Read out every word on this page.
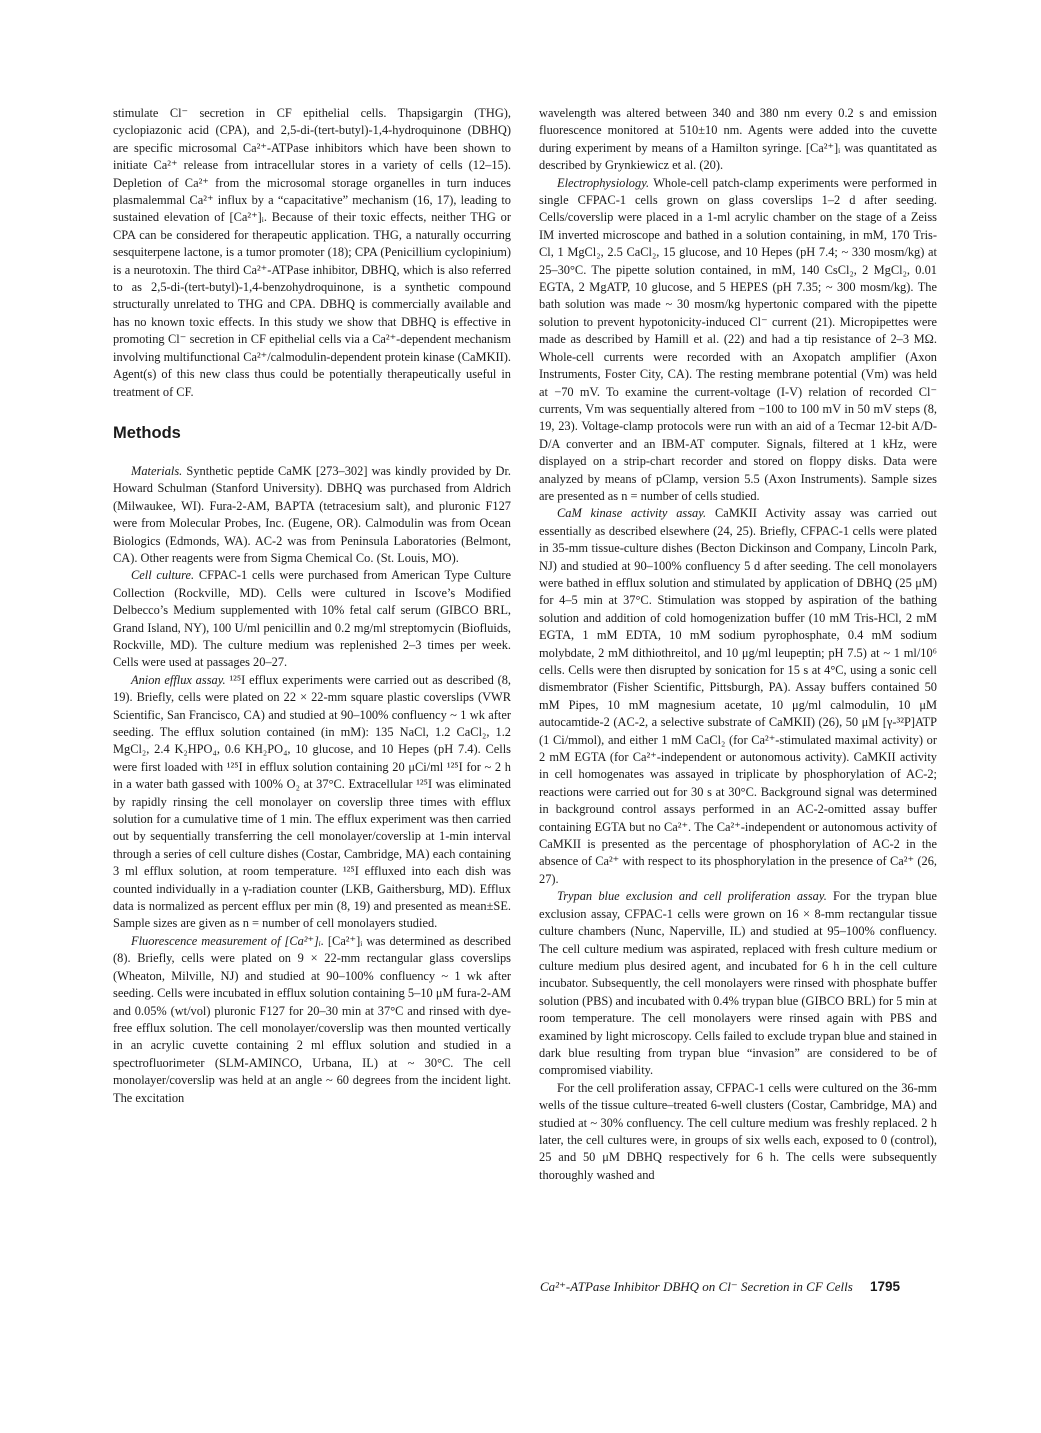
stimulate Cl⁻ secretion in CF epithelial cells. Thapsigargin (THG), cyclopiazonic acid (CPA), and 2,5-di-(tert-butyl)-1,4-hydroquinone (DBHQ) are specific microsomal Ca²⁺-ATPase inhibitors which have been shown to initiate Ca²⁺ release from intracellular stores in a variety of cells (12–15). Depletion of Ca²⁺ from the microsomal storage organelles in turn induces plasmalemmal Ca²⁺ influx by a “capacitative” mechanism (16, 17), leading to sustained elevation of [Ca²⁺]ᵢ. Because of their toxic effects, neither THG or CPA can be considered for therapeutic application. THG, a naturally occurring sesquiterpene lactone, is a tumor promoter (18); CPA (Penicillium cyclopinium) is a neurotoxin. The third Ca²⁺-ATPase inhibitor, DBHQ, which is also referred to as 2,5-di-(tert-butyl)-1,4-benzohydroquinone, is a synthetic compound structurally unrelated to THG and CPA. DBHQ is commercially available and has no known toxic effects. In this study we show that DBHQ is effective in promoting Cl⁻ secretion in CF epithelial cells via a Ca²⁺-dependent mechanism involving multifunctional Ca²⁺/calmodulin-dependent protein kinase (CaMKII). Agent(s) of this new class thus could be potentially therapeutically useful in treatment of CF.

Methods

Materials. Synthetic peptide CaMK [273–302] was kindly provided by Dr. Howard Schulman (Stanford University). DBHQ was purchased from Aldrich (Milwaukee, WI). Fura-2-AM, BAPTA (tetracesium salt), and pluronic F127 were from Molecular Probes, Inc. (Eugene, OR). Calmodulin was from Ocean Biologics (Edmonds, WA). AC-2 was from Peninsula Laboratories (Belmont, CA). Other reagents were from Sigma Chemical Co. (St. Louis, MO).

Cell culture. CFPAC-1 cells were purchased from American Type Culture Collection (Rockville, MD). Cells were cultured in Iscove’s Modified Delbecco’s Medium supplemented with 10% fetal calf serum (GIBCO BRL, Grand Island, NY), 100 U/ml penicillin and 0.2 mg/ml streptomycin (Biofluids, Rockville, MD). The culture medium was replenished 2–3 times per week. Cells were used at passages 20–27.

Anion efflux assay. ¹²⁵I efflux experiments were carried out as described (8, 19). Briefly, cells were plated on 22 × 22-mm square plastic coverslips (VWR Scientific, San Francisco, CA) and studied at 90–100% confluency ~ 1 wk after seeding. The efflux solution contained (in mM): 135 NaCl, 1.2 CaCl₂, 1.2 MgCl₂, 2.4 K₂HPO₄, 0.6 KH₂PO₄, 10 glucose, and 10 Hepes (pH 7.4). Cells were first loaded with ¹²⁵I in efflux solution containing 20 μCi/ml ¹²⁵I for ~ 2 h in a water bath gassed with 100% O₂ at 37°C. Extracellular ¹²⁵I was eliminated by rapidly rinsing the cell monolayer on coverslip three times with efflux solution for a cumulative time of 1 min. The efflux experiment was then carried out by sequentially transferring the cell monolayer/coverslip at 1-min interval through a series of cell culture dishes (Costar, Cambridge, MA) each containing 3 ml efflux solution, at room temperature. ¹²⁵I effluxed into each dish was counted individually in a γ-radiation counter (LKB, Gaithersburg, MD). Efflux data is normalized as percent efflux per min (8, 19) and presented as mean±SE. Sample sizes are given as n = number of cell monolayers studied.

Fluorescence measurement of [Ca²⁺]ᵢ. [Ca²⁺]ᵢ was determined as described (8). Briefly, cells were plated on 9 × 22-mm rectangular glass coverslips (Wheaton, Milville, NJ) and studied at 90–100% confluency ~ 1 wk after seeding. Cells were incubated in efflux solution containing 5–10 μM fura-2-AM and 0.05% (wt/vol) pluronic F127 for 20–30 min at 37°C and rinsed with dye-free efflux solution. The cell monolayer/coverslip was then mounted vertically in an acrylic cuvette containing 2 ml efflux solution and studied in a spectrofluorimeter (SLM-AMINCO, Urbana, IL) at ~ 30°C. The cell monolayer/coverslip was held at an angle ~ 60 degrees from the incident light. The excitation

wavelength was altered between 340 and 380 nm every 0.2 s and emission fluorescence monitored at 510±10 nm. Agents were added into the cuvette during experiment by means of a Hamilton syringe. [Ca²⁺]ᵢ was quantitated as described by Grynkiewicz et al. (20).

Electrophysiology. Whole-cell patch-clamp experiments were performed in single CFPAC-1 cells grown on glass coverslips 1–2 d after seeding. Cells/coverslip were placed in a 1-ml acrylic chamber on the stage of a Zeiss IM inverted microscope and bathed in a solution containing, in mM, 170 Tris-Cl, 1 MgCl₂, 2.5 CaCl₂, 15 glucose, and 10 Hepes (pH 7.4; ~ 330 mosm/kg) at 25–30°C. The pipette solution contained, in mM, 140 CsCl₂, 2 MgCl₂, 0.01 EGTA, 2 MgATP, 10 glucose, and 5 HEPES (pH 7.35; ~ 300 mosm/kg). The bath solution was made ~ 30 mosm/kg hypertonic compared with the pipette solution to prevent hypotonicity-induced Cl⁻ current (21). Micropipettes were made as described by Hamill et al. (22) and had a tip resistance of 2–3 MΩ. Whole-cell currents were recorded with an Axopatch amplifier (Axon Instruments, Foster City, CA). The resting membrane potential (Vm) was held at −70 mV. To examine the current-voltage (I-V) relation of recorded Cl⁻ currents, Vm was sequentially altered from −100 to 100 mV in 50 mV steps (8, 19, 23). Voltage-clamp protocols were run with an aid of a Tecmar 12-bit A/D-D/A converter and an IBM-AT computer. Signals, filtered at 1 kHz, were displayed on a strip-chart recorder and stored on floppy disks. Data were analyzed by means of pClamp, version 5.5 (Axon Instruments). Sample sizes are presented as n = number of cells studied.

CaM kinase activity assay. CaMKII Activity assay was carried out essentially as described elsewhere (24, 25). Briefly, CFPAC-1 cells were plated in 35-mm tissue-culture dishes (Becton Dickinson and Company, Lincoln Park, NJ) and studied at 90–100% confluency 5 d after seeding. The cell monolayers were bathed in efflux solution and stimulated by application of DBHQ (25 μM) for 4–5 min at 37°C. Stimulation was stopped by aspiration of the bathing solution and addition of cold homogenization buffer (10 mM Tris-HCl, 2 mM EGTA, 1 mM EDTA, 10 mM sodium pyrophosphate, 0.4 mM sodium molybdate, 2 mM dithiothreitol, and 10 μg/ml leupeptin; pH 7.5) at ~ 1 ml/10⁶ cells. Cells were then disrupted by sonication for 15 s at 4°C, using a sonic cell dismembrator (Fisher Scientific, Pittsburgh, PA). Assay buffers contained 50 mM Pipes, 10 mM magnesium acetate, 10 μg/ml calmodulin, 10 μM autocamtide-2 (AC-2, a selective substrate of CaMKII) (26), 50 μM [γ-³²P]ATP (1 Ci/mmol), and either 1 mM CaCl₂ (for Ca²⁺-stimulated maximal activity) or 2 mM EGTA (for Ca²⁺-independent or autonomous activity). CaMKII activity in cell homogenates was assayed in triplicate by phosphorylation of AC-2; reactions were carried out for 30 s at 30°C. Background signal was determined in background control assays performed in an AC-2-omitted assay buffer containing EGTA but no Ca²⁺. The Ca²⁺-independent or autonomous activity of CaMKII is presented as the percentage of phosphorylation of AC-2 in the absence of Ca²⁺ with respect to its phosphorylation in the presence of Ca²⁺ (26, 27).

Trypan blue exclusion and cell proliferation assay. For the trypan blue exclusion assay, CFPAC-1 cells were grown on 16 × 8-mm rectangular tissue culture chambers (Nunc, Naperville, IL) and studied at 95–100% confluency. The cell culture medium was aspirated, replaced with fresh culture medium or culture medium plus desired agent, and incubated for 6 h in the cell culture incubator. Subsequently, the cell monolayers were rinsed with phosphate buffer solution (PBS) and incubated with 0.4% trypan blue (GIBCO BRL) for 5 min at room temperature. The cell monolayers were rinsed again with PBS and examined by light microscopy. Cells failed to exclude trypan blue and stained in dark blue resulting from trypan blue “invasion” are considered to be of compromised viability.

For the cell proliferation assay, CFPAC-1 cells were cultured on the 36-mm wells of the tissue culture–treated 6-well clusters (Costar, Cambridge, MA) and studied at ~ 30% confluency. The cell culture medium was freshly replaced. 2 h later, the cell cultures were, in groups of six wells each, exposed to 0 (control), 25 and 50 μM DBHQ respectively for 6 h. The cells were subsequently thoroughly washed and

Ca²⁺-ATPase Inhibitor DBHQ on Cl⁻ Secretion in CF Cells 1795
